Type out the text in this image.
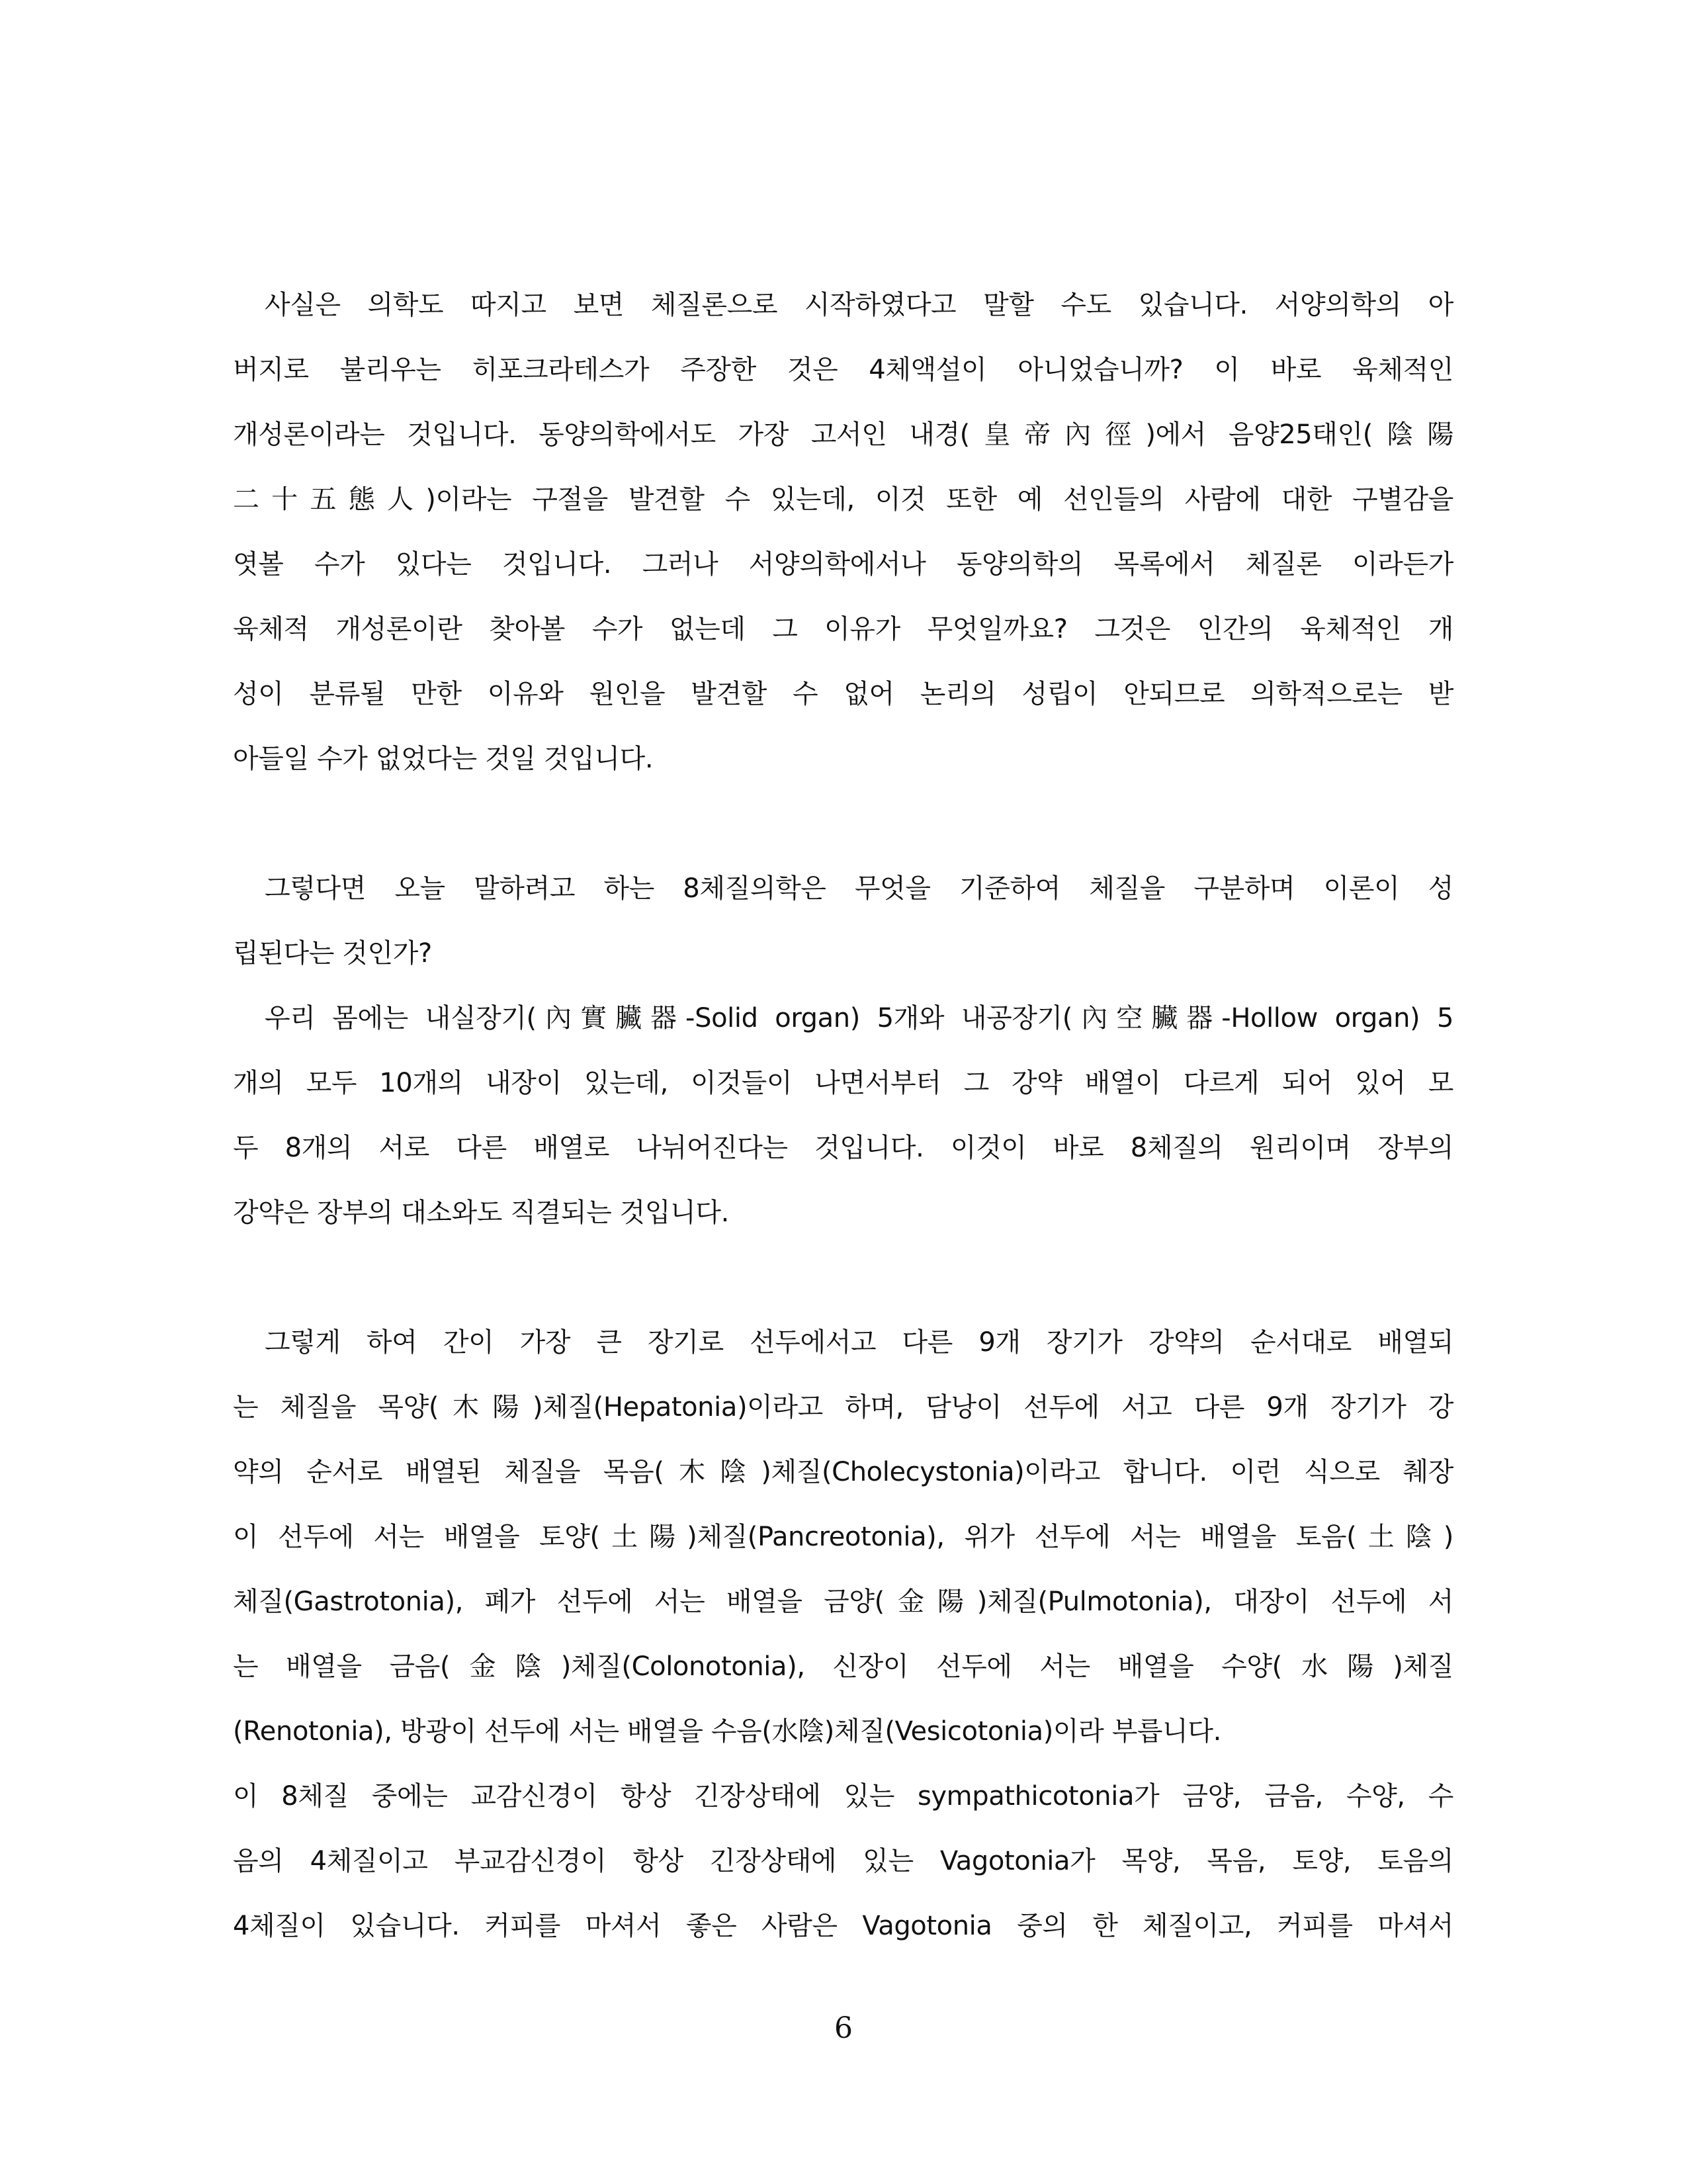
사실은 의학도 따지고 보면 체질론으로 시작하였다고 말할 수도 있습니다. 서양의학의 아
버지로 불리우는 히포크라테스가 주장한 것은 4체액설이 아니었습니까? 이 바로 육체적인
개성론이라는 것입니다. 동양의학에서도 가장 고서인 내경(皇帝內徑)에서 음양25태인(陰陽
二十五態人)이라는 구절을 발견할 수 있는데, 이것 또한 예 선인들의 사람에 대한 구별감을
엿볼 수가 있다는 것입니다. 그러나 서양의학에서나 동양의학의 목록에서 체질론 이라든가
육체적 개성론이란 찾아볼 수가 없는데 그 이유가 무엇일까요? 그것은 인간의 육체적인 개
성이 분류될 만한 이유와 원인을 발견할 수 없어 논리의 성립이 안되므로 의학적으로는 받
아들일 수가 없었다는 것일 것입니다.
그렇다면 오늘 말하려고 하는 8체질의학은 무엇을 기준하여 체질을 구분하며 이론이 성
립된다는 것인가?
우리 몸에는 내실장기(內實臟器-Solid organ) 5개와 내공장기(內空臟器-Hollow organ) 5
개의 모두 10개의 내장이 있는데, 이것들이 나면서부터 그 강약 배열이 다르게 되어 있어 모
두 8개의 서로 다른 배열로 나뉘어진다는 것입니다. 이것이 바로 8체질의 원리이며 장부의
강약은 장부의 대소와도 직결되는 것입니다.
그렇게 하여 간이 가장 큰 장기로 선두에서고 다른 9개 장기가 강약의 순서대로 배열되
는 체질을 목양(木陽)체질(Hepatonia)이라고 하며, 담낭이 선두에 서고 다른 9개 장기가 강
약의 순서로 배열된 체질을 목음(木陰)체질(Cholecystonia)이라고 합니다. 이런 식으로 췌장
이 선두에 서는 배열을 토양(土陽)체질(Pancreotonia), 위가 선두에 서는 배열을 토음(土陰)
체질(Gastrotonia), 폐가 선두에 서는 배열을 금양(金陽)체질(Pulmotonia), 대장이 선두에 서
는 배열을 금음(金陰)체질(Colonotonia), 신장이 선두에 서는 배열을 수양(水陽)체질
(Renotonia), 방광이 선두에 서는 배열을 수음(水陰)체질(Vesicotonia)이라 부릅니다.
이 8체질 중에는 교감신경이 항상 긴장상태에 있는 sympathicotonia가 금양, 금음, 수양, 수
음의 4체질이고 부교감신경이 항상 긴장상태에 있는 Vagotonia가 목양, 목음, 토양, 토음의
4체질이 있습니다. 커피를 마셔서 좋은 사람은 Vagotonia 중의 한 체질이고, 커피를 마셔서
6
